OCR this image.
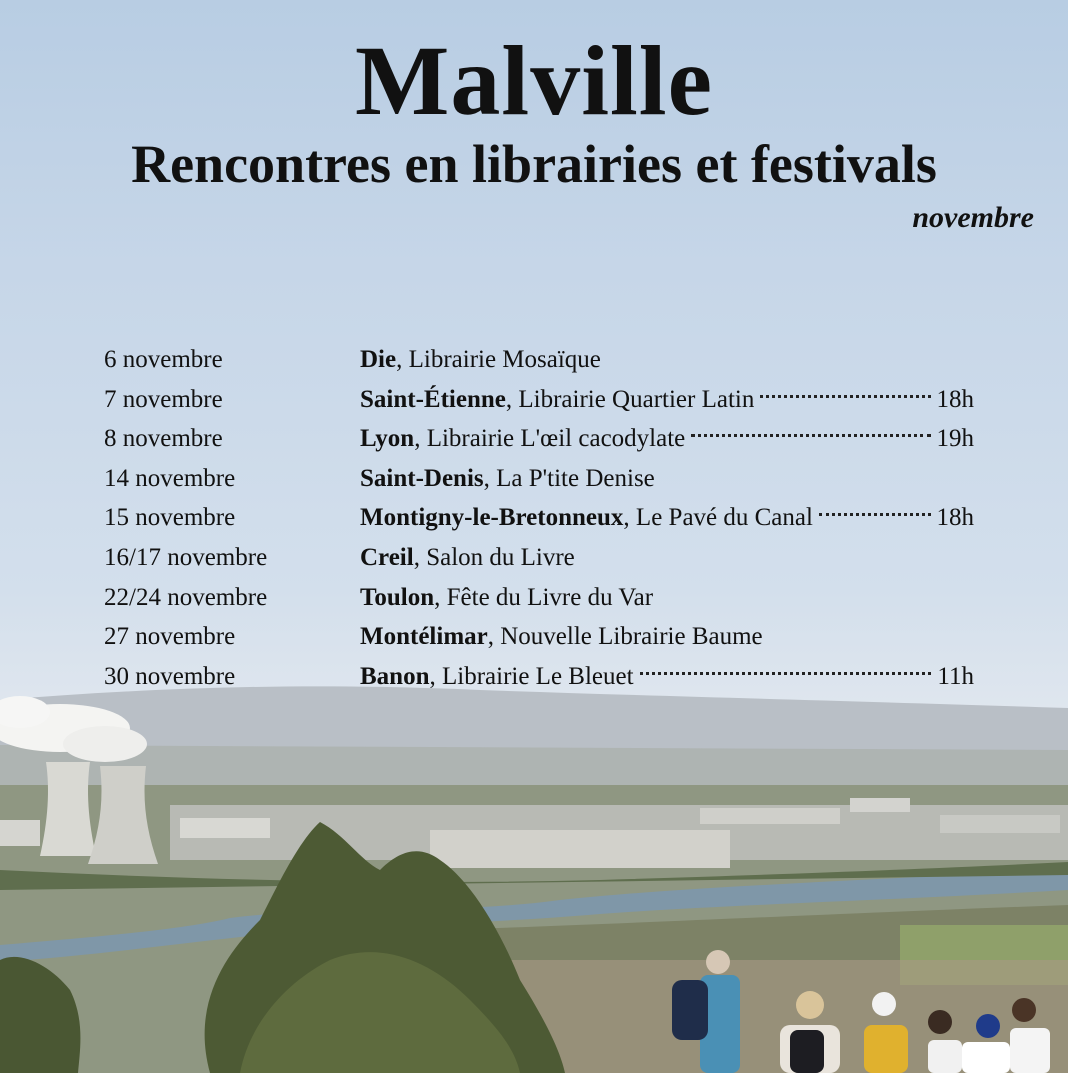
Malville
Rencontres en librairies et festivals
novembre
6 novembre	Die , Librairie Mosaïque
7 novembre	Saint-Étienne , Librairie Quartier Latin	18h
8 novembre	Lyon , Librairie L'œil cacodylate	19h
14 novembre	Saint-Denis , La P'tite Denise
15 novembre	Montigny-le-Bretonneux , Le Pavé du Canal	18h
16/17 novembre	Creil , Salon du Livre
22/24 novembre	Toulon , Fête du Livre du Var
27 novembre	Montélimar , Nouvelle Librairie Baume
30 novembre	Banon , Librairie Le Bleuet	11h
